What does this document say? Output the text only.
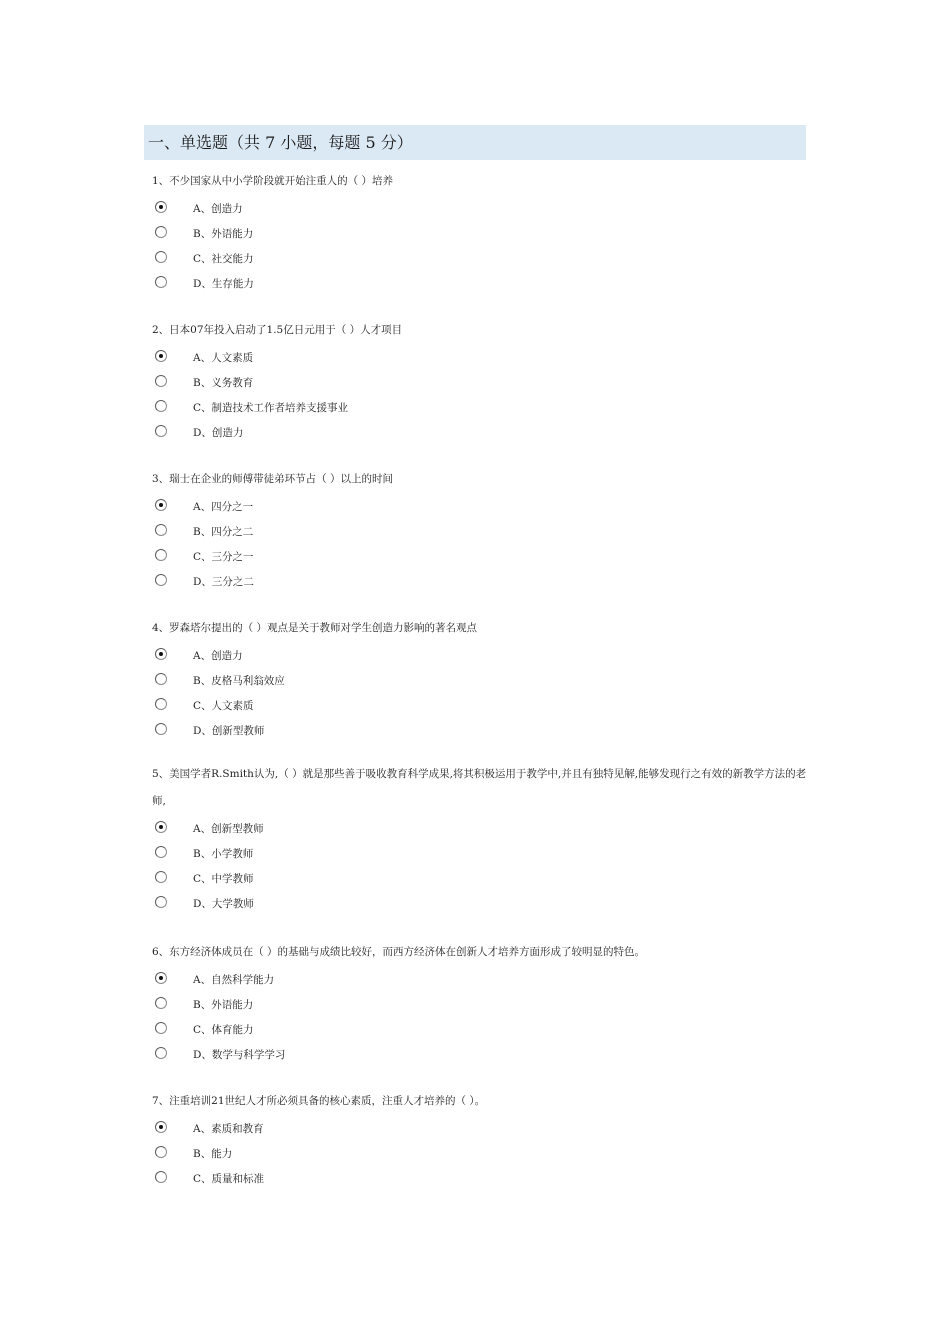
一、单选题（共 7 小题，每题 5 分）
1、不少国家从中小学阶段就开始注重人的（ ）培养
A、创造力
B、外语能力
C、社交能力
D、生存能力
2、日本07年投入启动了1.5亿日元用于（ ）人才项目
A、人文素质
B、义务教育
C、制造技术工作者培养支援事业
D、创造力
3、瑞士在企业的师傅带徒弟环节占（ ）以上的时间
A、四分之一
B、四分之二
C、三分之一
D、三分之二
4、罗森塔尔提出的（ ）观点是关于教师对学生创造力影响的著名观点
A、创造力
B、皮格马利翁效应
C、人文素质
D、创新型教师
5、美国学者R.Smith认为,（ ）就是那些善于吸收教育科学成果,将其积极运用于教学中,并且有独特见解,能够发现行之有效的新教学方法的老师,
A、创新型教师
B、小学教师
C、中学教师
D、大学教师
6、东方经济体成员在（ ）的基础与成绩比较好，而西方经济体在创新人才培养方面形成了较明显的特色。
A、自然科学能力
B、外语能力
C、体育能力
D、数学与科学学习
7、注重培训21世纪人才所必须具备的核心素质，注重人才培养的（ ）。
A、素质和教育
B、能力
C、质量和标准
